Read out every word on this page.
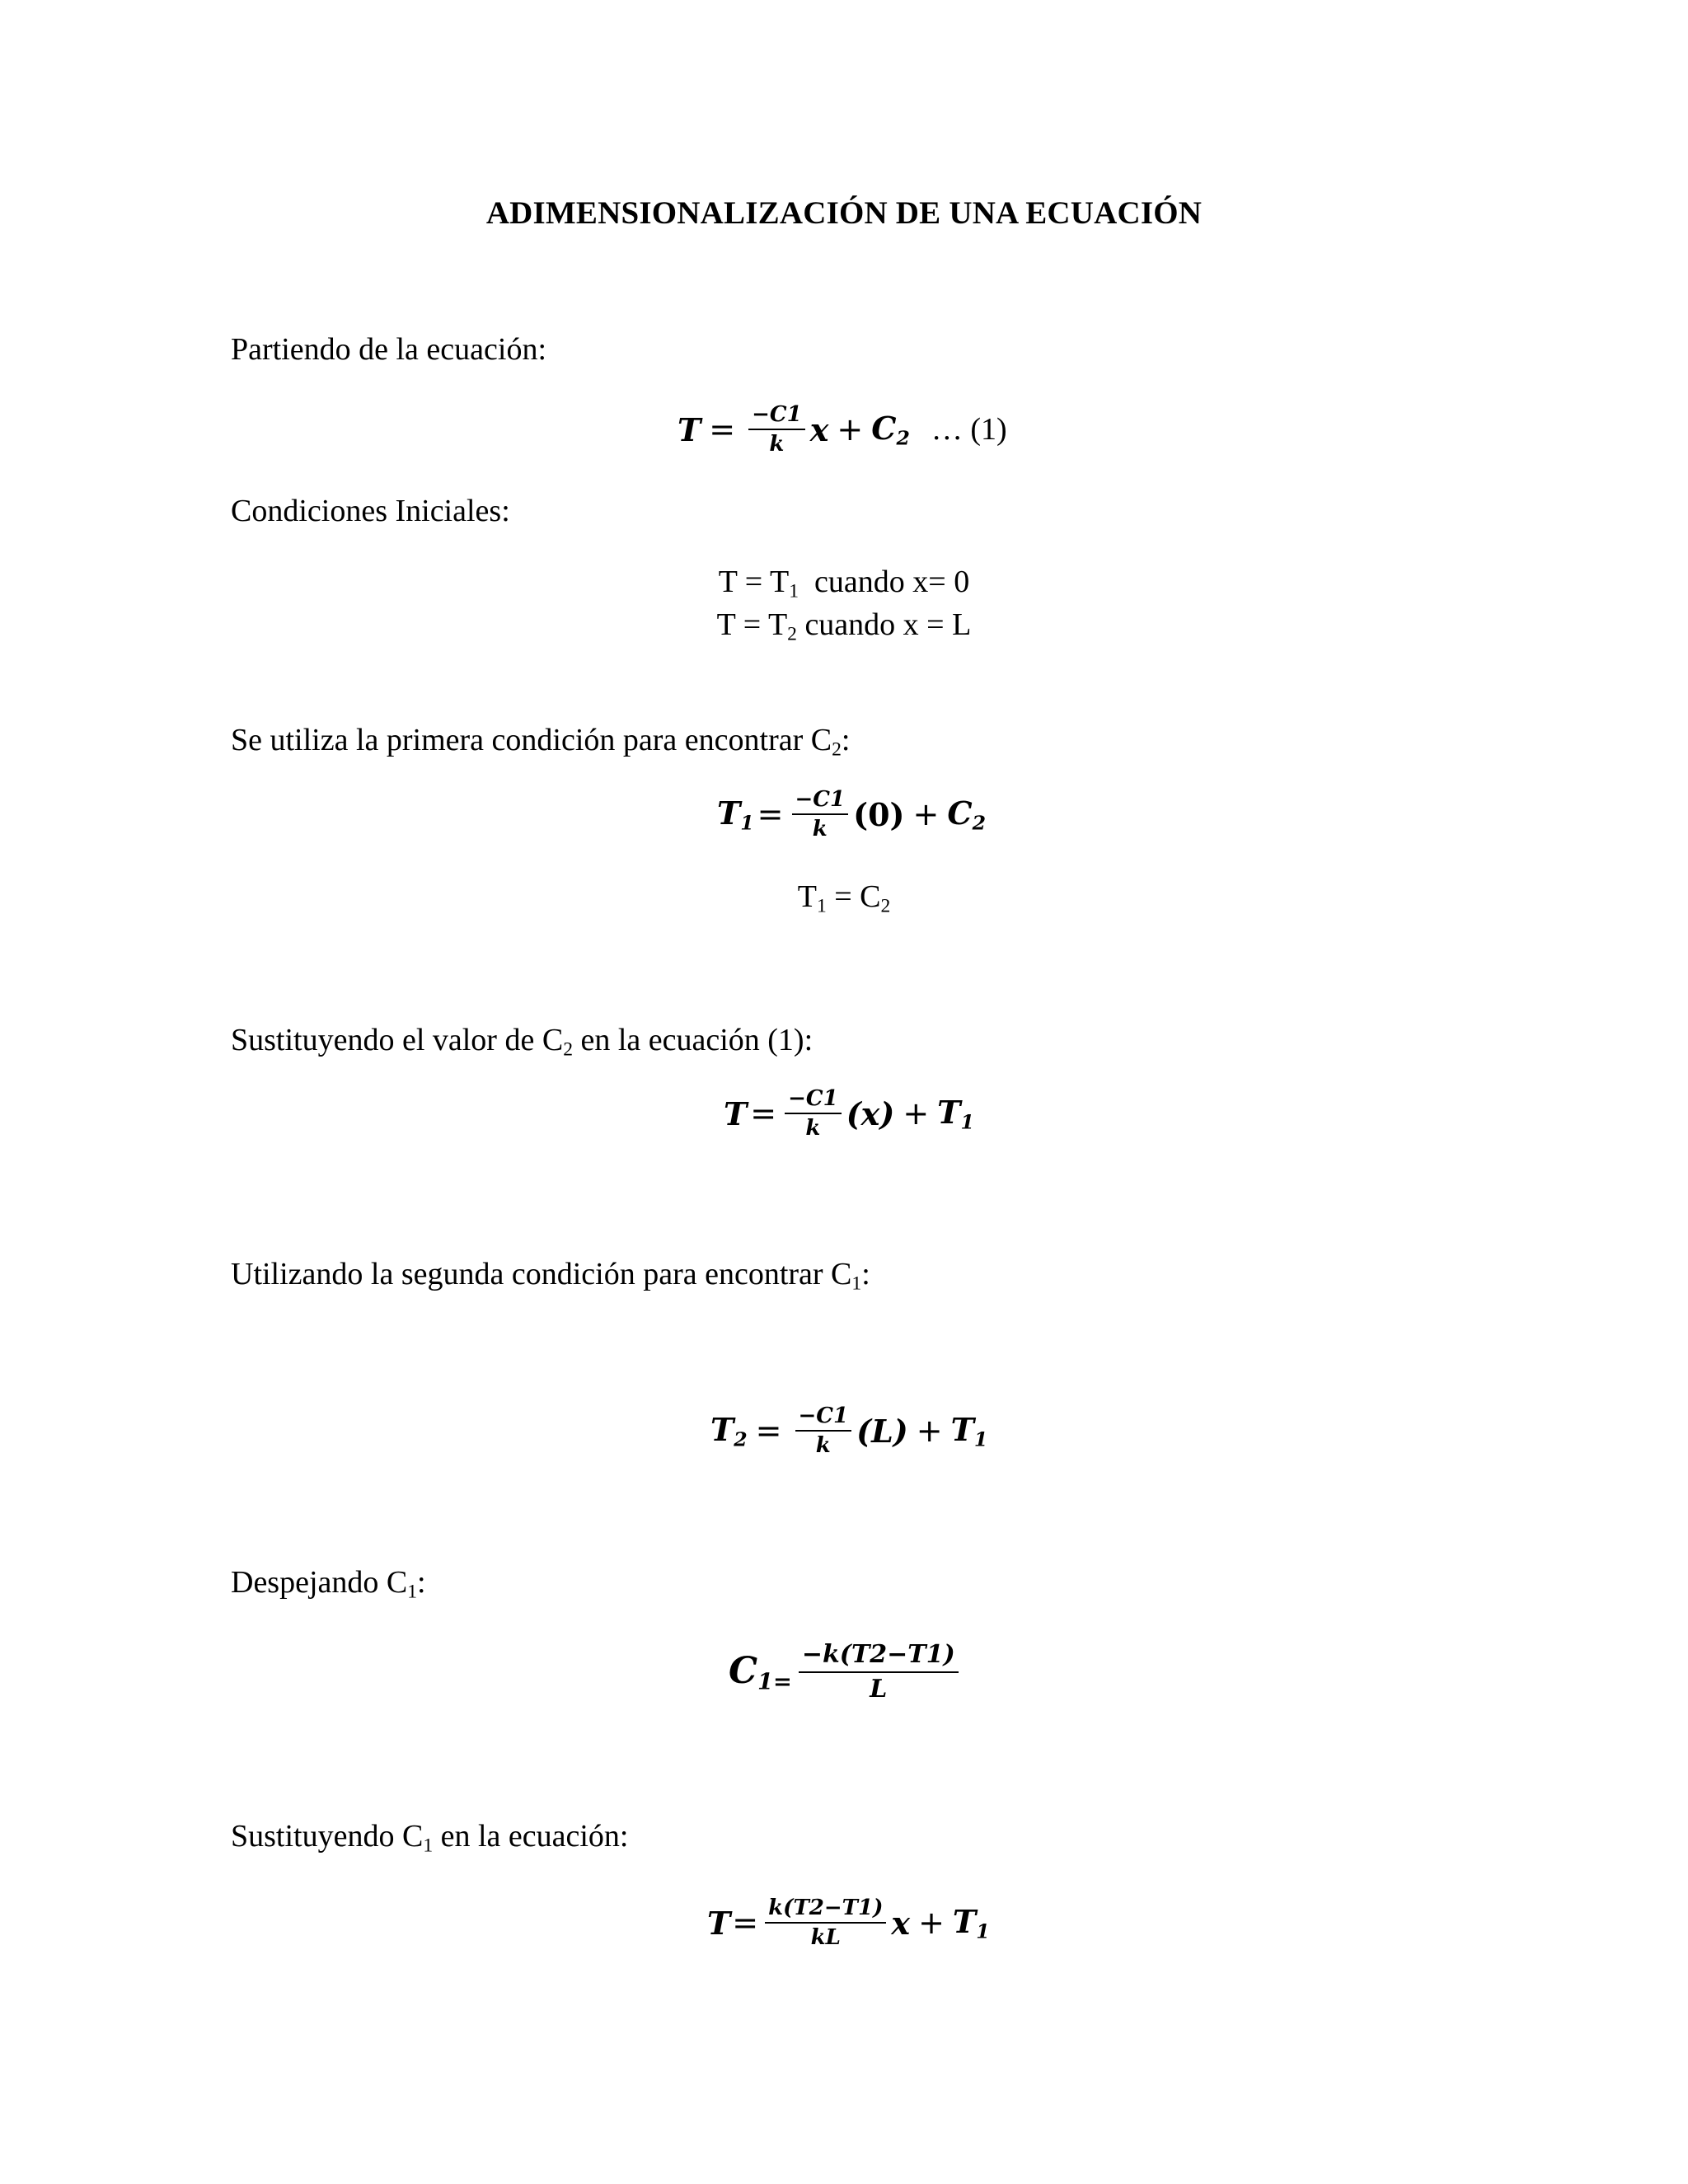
ADIMENSIONALIZACIÓN DE UNA ECUACIÓN
Partiendo de la ecuación:
$T = \frac{-C1}{k}$ $x + C_2$ … (1)
Condiciones Iniciales:
$T = T_1$  cuando x= 0
$T = T_2$ cuando x = L
Se utiliza la primera condición para encontrar $C_2$:
$T_1 = \frac{-C1}{k} (0) + C_2$
$T_1 = C_2$
Sustituyendo el valor de $C_2$ en la ecuación (1):
$T = \frac{-C1}{k} (x) + T_1$
Utilizando la segunda condición para encontrar $C_1$:
$T_2 = \frac{-C1}{k} (L) + T_1$
Despejando $C_1$:
$C_{1=} \frac{-k(T2-T1)}{L}$
Sustituyendo $C_1$ en la ecuación:
$T = \frac{k(T2-T1)}{kL}$ $x + T_1$
